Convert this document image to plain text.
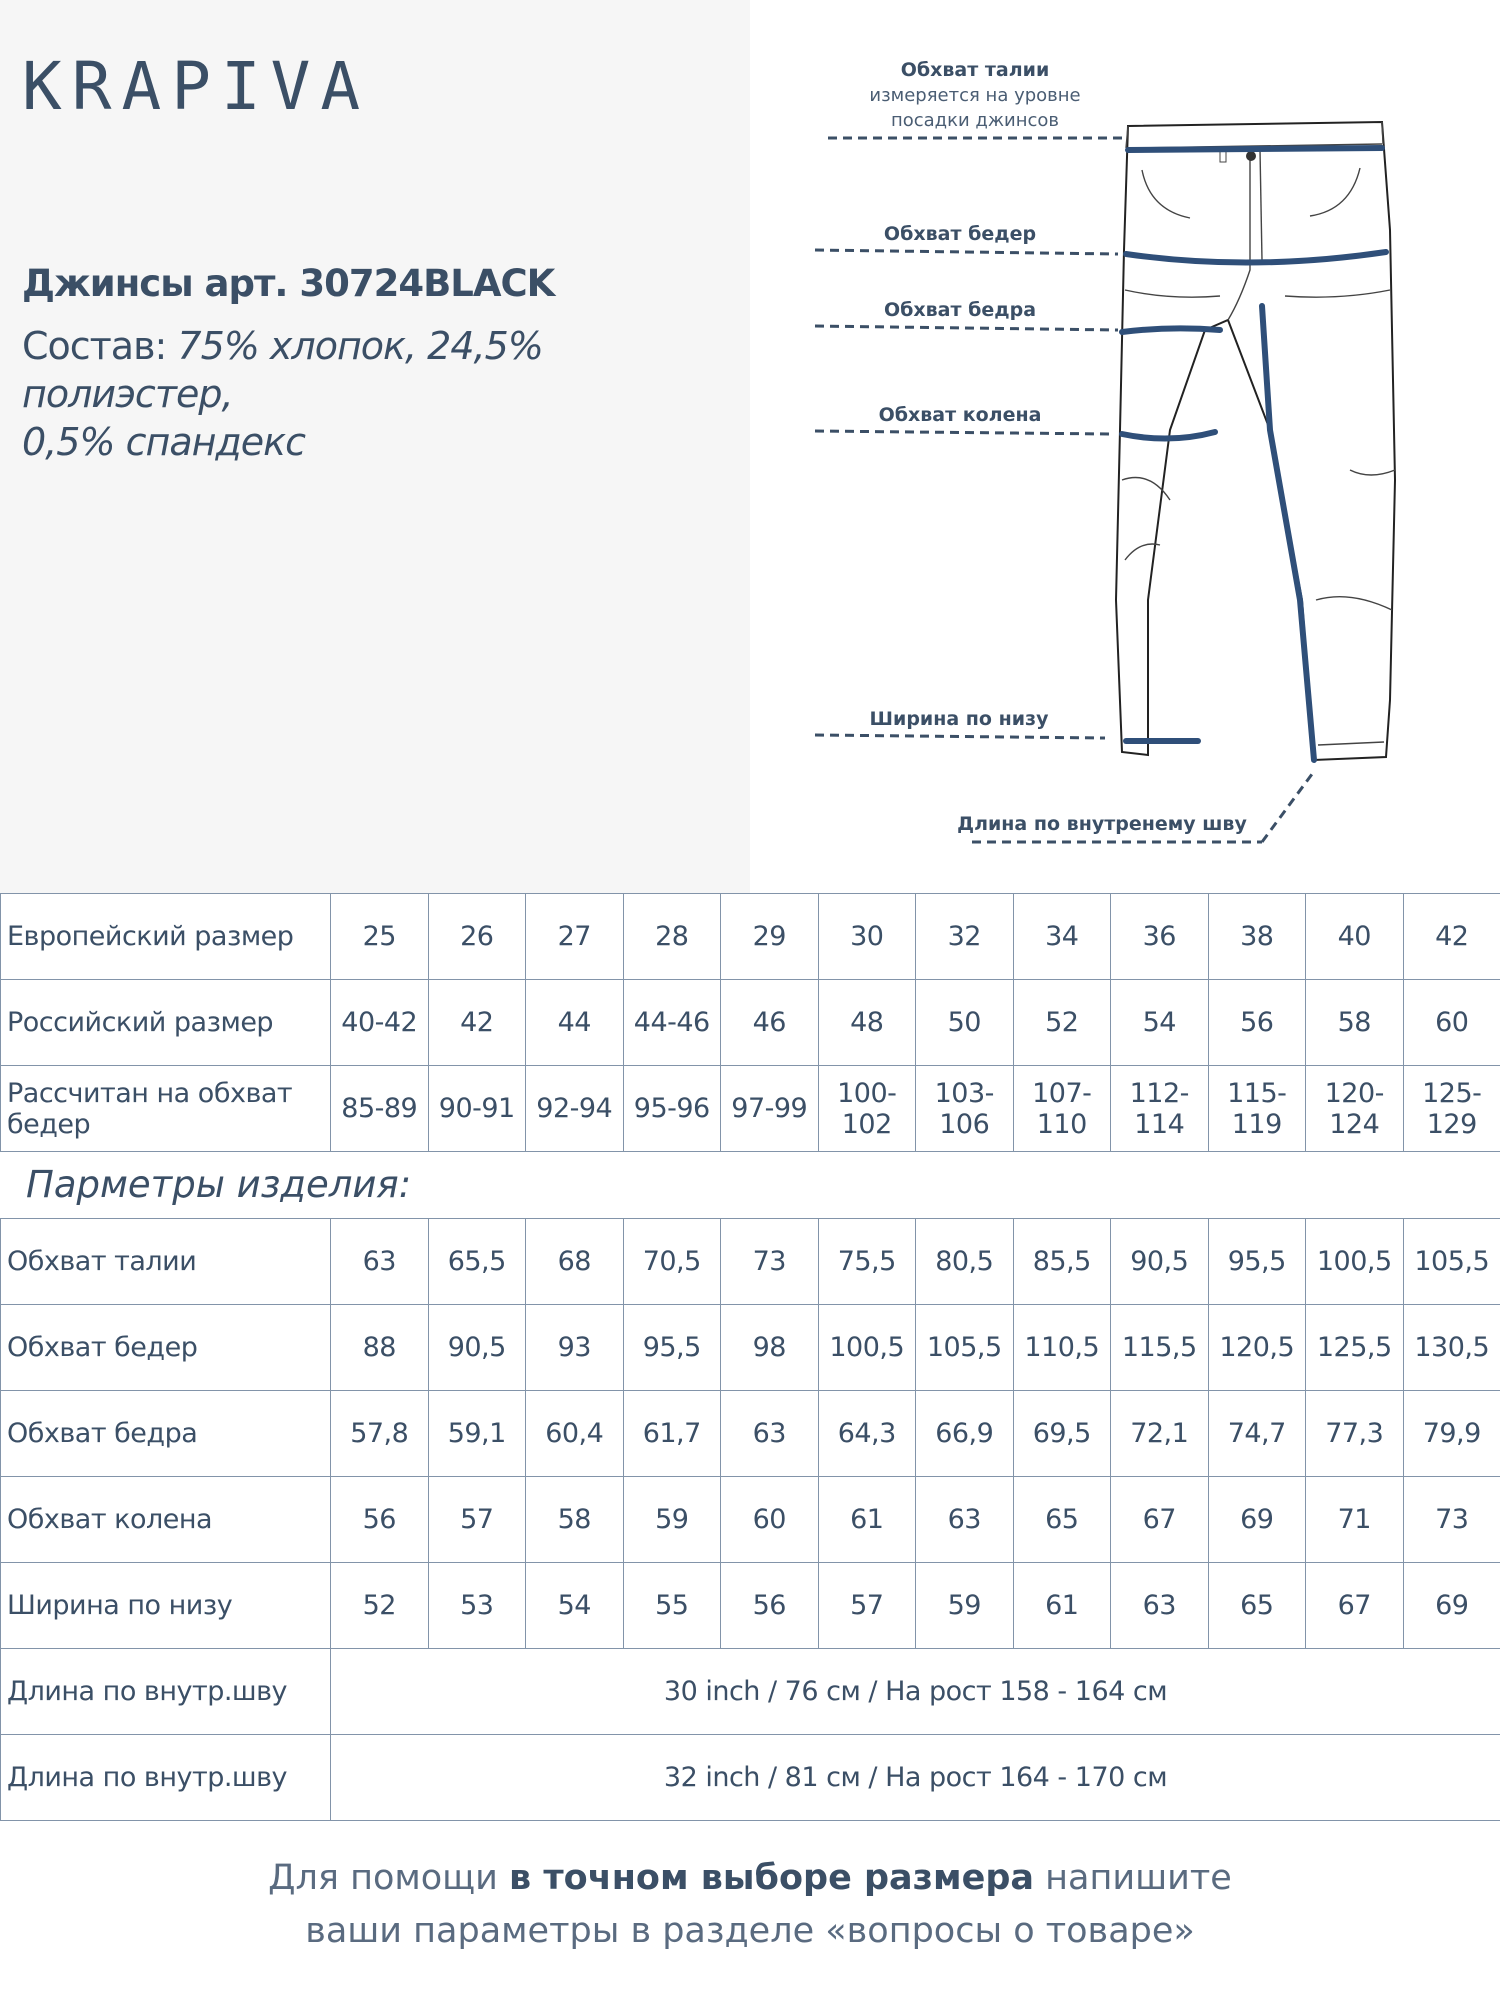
KRAPIVA
Джинсы арт. 30724BLACK
Состав: 75% хлопок, 24,5% полиэстер,
0,5% спандекс
Обхват талии
измеряется на уровне
посадки джинсов
Обхват бедер
Обхват бедра
Обхват колена
Ширина по низу
Длина по внутренему шву
Европейский размер	25	26	27	28	29	30	32	34	36	38	40	42
Российский размер	40-42	42	44	44-46	46	48	50	52	54	56	58	60
Рассчитан на обхват бедер	85-89	90-91	92-94	95-96	97-99	100-102	103-106	107-110	112-114	115-119	120-124	125-129
Парметры изделия:
Обхват талии	63	65,5	68	70,5	73	75,5	80,5	85,5	90,5	95,5	100,5	105,5
Обхват бедер	88	90,5	93	95,5	98	100,5	105,5	110,5	115,5	120,5	125,5	130,5
Обхват бедра	57,8	59,1	60,4	61,7	63	64,3	66,9	69,5	72,1	74,7	77,3	79,9
Обхват колена	56	57	58	59	60	61	63	65	67	69	71	73
Ширина по низу	52	53	54	55	56	57	59	61	63	65	67	69
Длина по внутр.шву	30 inch / 76 см / На рост 158 - 164 см											
Длина по внутр.шву	32 inch / 81 см / На рост 164 - 170 см											
Для помощи в точном выборе размера напишите
ваши параметры в разделе «вопросы о товаре»
